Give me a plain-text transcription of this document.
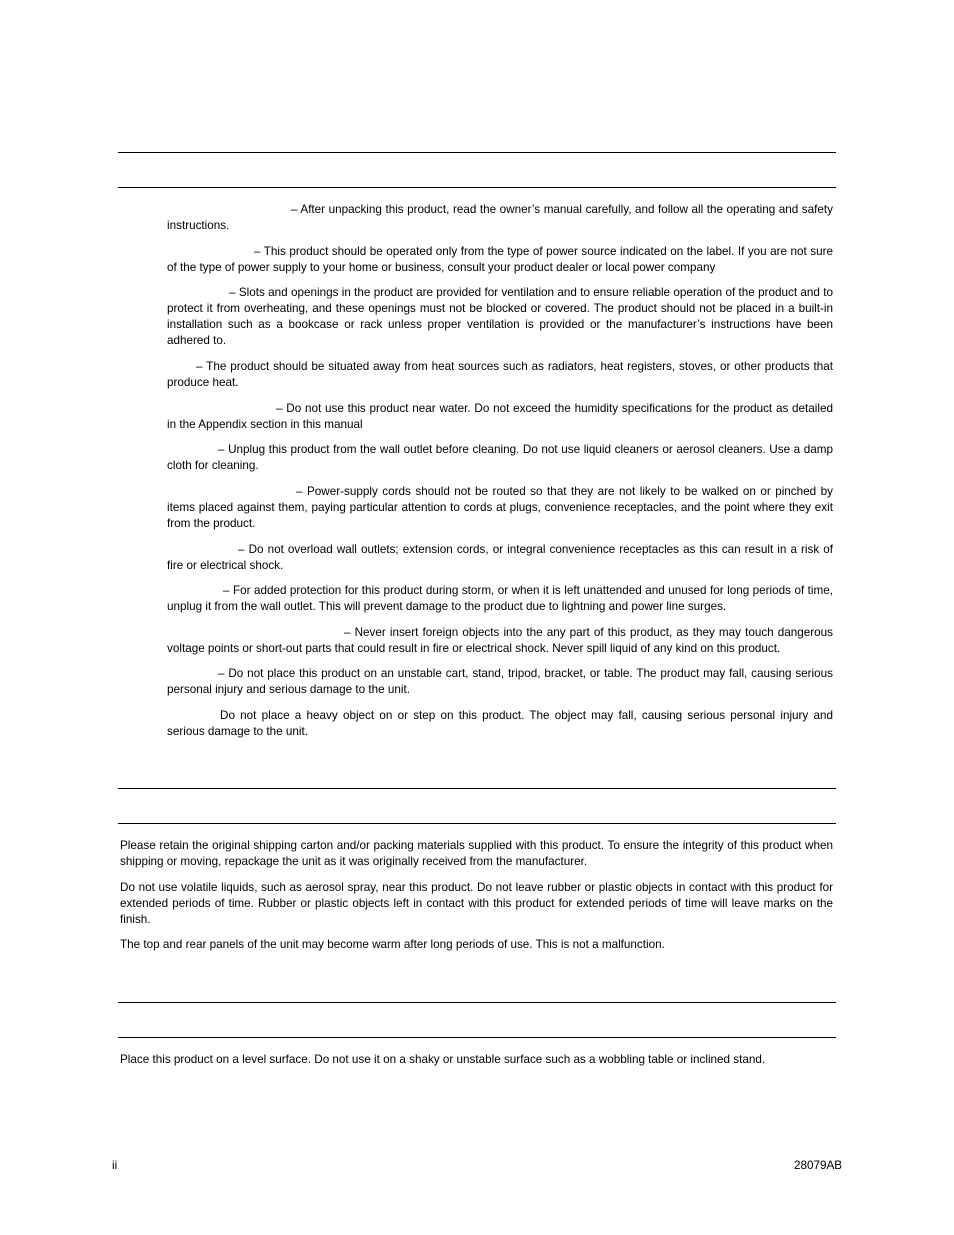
– After unpacking this product, read the owner’s manual carefully, and follow all the operating and safety instructions.

– This product should be operated only from the type of power source indicated on the label. If you are not sure of the type of power supply to your home or business, consult your product dealer or local power company

– Slots and openings in the product are provided for ventilation and to ensure reliable operation of the product and to protect it from overheating, and these openings must not be blocked or covered. The product should not be placed in a built-in installation such as a bookcase or rack unless proper ventilation is provided or the manufacturer’s instructions have been adhered to.

– The product should be situated away from heat sources such as radiators, heat registers, stoves, or other products that produce heat.

– Do not use this product near water. Do not exceed the humidity specifications for the product as detailed in the Appendix section in this manual

– Unplug this product from the wall outlet before cleaning. Do not use liquid cleaners or aerosol cleaners. Use a damp cloth for cleaning.

– Power-supply cords should not be routed so that they are not likely to be walked on or pinched by items placed against them, paying particular attention to cords at plugs, convenience receptacles, and the point where they exit from the product.

– Do not overload wall outlets; extension cords, or integral convenience receptacles as this can result in a risk of fire or electrical shock.

– For added protection for this product during storm, or when it is left unattended and unused for long periods of time, unplug it from the wall outlet. This will prevent damage to the product due to lightning and power line surges.

– Never insert foreign objects into the any part of this product, as they may touch dangerous voltage points or short-out parts that could result in fire or electrical shock. Never spill liquid of any kind on this product.

– Do not place this product on an unstable cart, stand, tripod, bracket, or table. The product may fall, causing serious personal injury and serious damage to the unit.

Do not place a heavy object on or step on this product. The object may fall, causing serious personal injury and serious damage to the unit.

Please retain the original shipping carton and/or packing materials supplied with this product. To ensure the integrity of this product when shipping or moving, repackage the unit as it was originally received from the manufacturer.

Do not use volatile liquids, such as aerosol spray, near this product. Do not leave rubber or plastic objects in contact with this product for extended periods of time. Rubber or plastic objects left in contact with this product for extended periods of time will leave marks on the finish.

The top and rear panels of the unit may become warm after long periods of use. This is not a malfunction.

Place this product on a level surface. Do not use it on a shaky or unstable surface such as a wobbling table or inclined stand.

ii	28079AB
